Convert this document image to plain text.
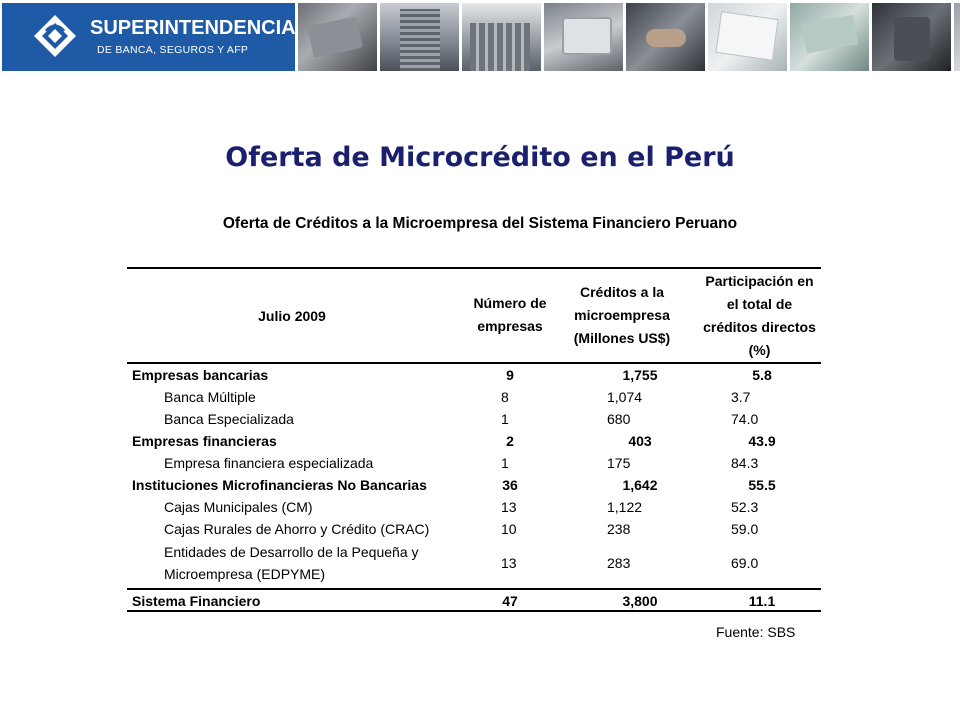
SUPERINTENDENCIA
DE BANCA, SEGUROS Y AFP
Oferta de Microcrédito en el Perú
Oferta de Créditos a la Microempresa del Sistema Financiero Peruano
Julio 2009
Número de
empresas
Créditos a la
microempresa
(Millones US$)
Participación en
el total de
créditos directos
(%)
Empresas bancarias	9	1,755	5.8
Banca Múltiple	8	1,074	3.7
Banca Especializada	1	680	74.0
Empresas financieras	2	403	43.9
Empresa financiera especializada	1	175	84.3
Instituciones Microfinancieras No Bancarias	36	1,642	55.5
Cajas Municipales (CM)	13	1,122	52.3
Cajas Rurales de Ahorro y Crédito (CRAC)	10	238	59.0
Entidades de Desarrollo de la Pequeña y
Microempresa (EDPYME)
13	283	69.0
Sistema Financiero	47	3,800	11.1
Fuente: SBS
